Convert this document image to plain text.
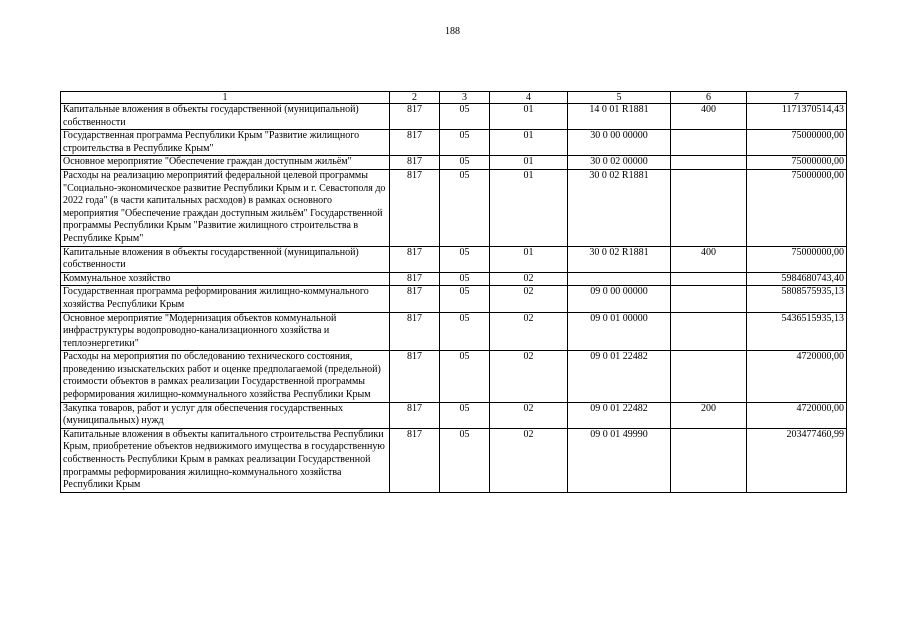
188
1	2	3	4	5	6	7
Капитальные вложения в объекты государственной (муниципальной) собственности	817	05	01	14 0 01 R1881	400	1171370514,43
Государственная программа Республики Крым "Развитие жилищного строительства в Республике Крым"	817	05	01	30 0 00 00000		75000000,00
Основное мероприятие "Обеспечение граждан доступным жильём"	817	05	01	30 0 02 00000		75000000,00
Расходы на реализацию мероприятий федеральной целевой программы "Социально-экономическое развитие Республики Крым и г. Севастополя до 2022 года" (в части капитальных расходов) в рамках основного мероприятия "Обеспечение граждан доступным жильём" Государственной программы Республики Крым "Развитие жилищного строительства в Республике Крым"	817	05	01	30 0 02 R1881		75000000,00
Капитальные вложения в объекты государственной (муниципальной) собственности	817	05	01	30 0 02 R1881	400	75000000,00
Коммунальное хозяйство	817	05	02			5984680743,40
Государственная программа реформирования жилищно-коммунального хозяйства Республики Крым	817	05	02	09 0 00 00000		5808575935,13
Основное мероприятие "Модернизация объектов коммунальной инфраструктуры водопроводно-канализационного хозяйства и теплоэнергетики"	817	05	02	09 0 01 00000		5436515935,13
Расходы на мероприятия по обследованию технического состояния, проведению изыскательских работ и оценке предполагаемой (предельной) стоимости объектов в рамках реализации Государственной программы реформирования жилищно-коммунального хозяйства Республики Крым	817	05	02	09 0 01 22482		4720000,00
Закупка товаров, работ и услуг для обеспечения государственных (муниципальных) нужд	817	05	02	09 0 01 22482	200	4720000,00
Капитальные вложения в объекты капитального строительства Республики Крым, приобретение объектов недвижимого имущества в государственную собственность Республики Крым в рамках реализации Государственной программы реформирования жилищно-коммунального хозяйства Республики Крым	817	05	02	09 0 01 49990		203477460,99
